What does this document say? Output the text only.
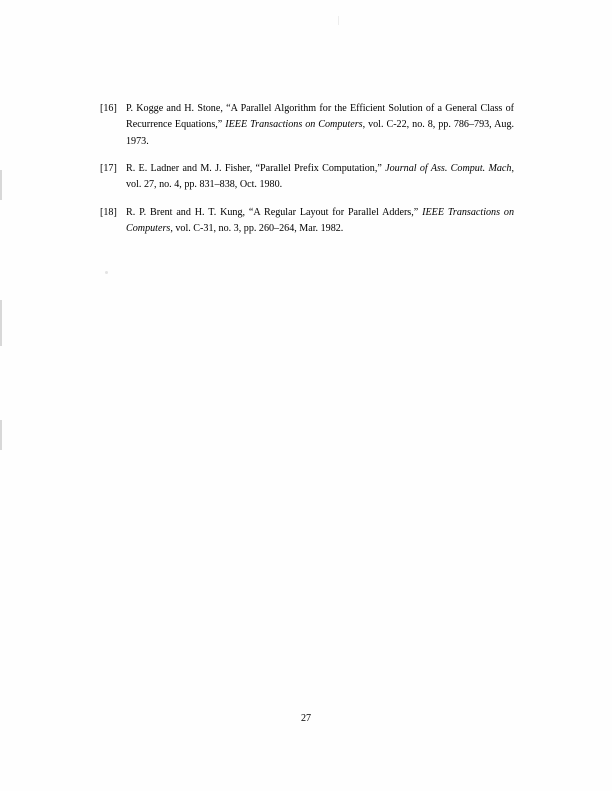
[16] P. Kogge and H. Stone, “A Parallel Algorithm for the Efficient Solution of a General Class of Recurrence Equations,” IEEE Transactions on Computers, vol. C-22, no. 8, pp. 786–793, Aug. 1973.
[17] R. E. Ladner and M. J. Fisher, “Parallel Prefix Computation,” Journal of Ass. Comput. Mach, vol. 27, no. 4, pp. 831–838, Oct. 1980.
[18] R. P. Brent and H. T. Kung, “A Regular Layout for Parallel Adders,” IEEE Transactions on Computers, vol. C-31, no. 3, pp. 260–264, Mar. 1982.
27
